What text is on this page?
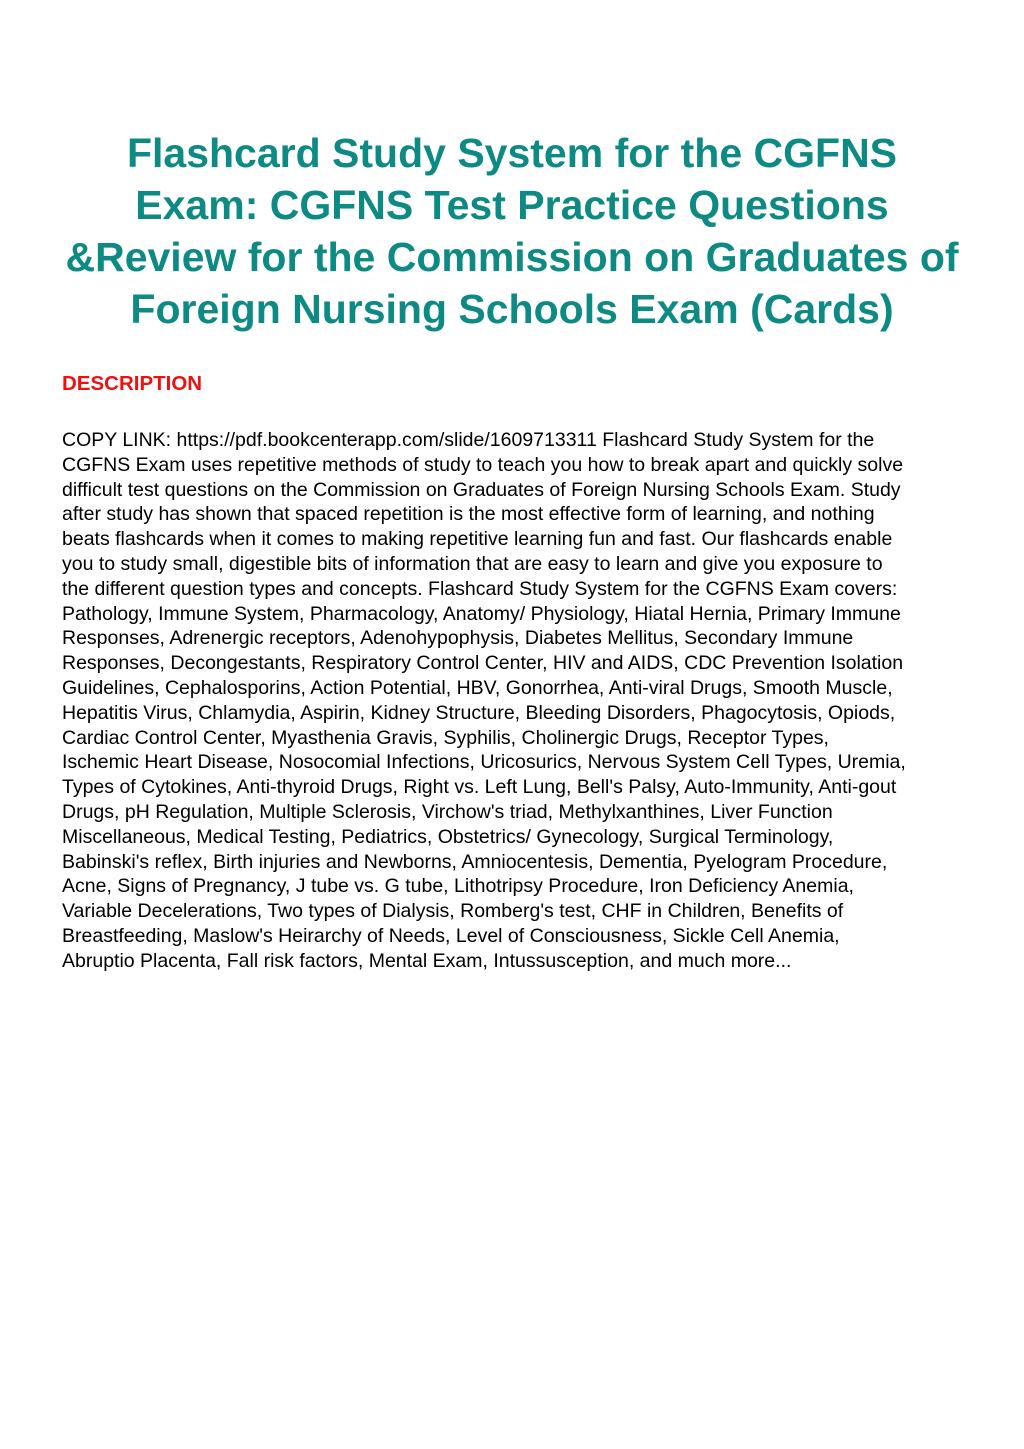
Flashcard Study System for the CGFNS
Exam: CGFNS Test Practice Questions
&Review for the Commission on Graduates of
Foreign Nursing Schools Exam (Cards)
DESCRIPTION
COPY LINK: https://pdf.bookcenterapp.com/slide/1609713311 Flashcard Study System for the
CGFNS Exam uses repetitive methods of study to teach you how to break apart and quickly solve
difficult test questions on the Commission on Graduates of Foreign Nursing Schools Exam. Study
after study has shown that spaced repetition is the most effective form of learning, and nothing
beats flashcards when it comes to making repetitive learning fun and fast. Our flashcards enable
you to study small, digestible bits of information that are easy to learn and give you exposure to
the different question types and concepts. Flashcard Study System for the CGFNS Exam covers:
Pathology, Immune System, Pharmacology, Anatomy/ Physiology, Hiatal Hernia, Primary Immune
Responses, Adrenergic receptors, Adenohypophysis, Diabetes Mellitus, Secondary Immune
Responses, Decongestants, Respiratory Control Center, HIV and AIDS, CDC Prevention Isolation
Guidelines, Cephalosporins, Action Potential, HBV, Gonorrhea, Anti-viral Drugs, Smooth Muscle,
Hepatitis Virus, Chlamydia, Aspirin, Kidney Structure, Bleeding Disorders, Phagocytosis, Opiods,
Cardiac Control Center, Myasthenia Gravis, Syphilis, Cholinergic Drugs, Receptor Types,
Ischemic Heart Disease, Nosocomial Infections, Uricosurics, Nervous System Cell Types, Uremia,
Types of Cytokines, Anti-thyroid Drugs, Right vs. Left Lung, Bell's Palsy, Auto-Immunity, Anti-gout
Drugs, pH Regulation, Multiple Sclerosis, Virchow's triad, Methylxanthines, Liver Function
Miscellaneous, Medical Testing, Pediatrics, Obstetrics/ Gynecology, Surgical Terminology,
Babinski's reflex, Birth injuries and Newborns, Amniocentesis, Dementia, Pyelogram Procedure,
Acne, Signs of Pregnancy, J tube vs. G tube, Lithotripsy Procedure, Iron Deficiency Anemia,
Variable Decelerations, Two types of Dialysis, Romberg's test, CHF in Children, Benefits of
Breastfeeding, Maslow's Heirarchy of Needs, Level of Consciousness, Sickle Cell Anemia,
Abruptio Placenta, Fall risk factors, Mental Exam, Intussusception, and much more...
